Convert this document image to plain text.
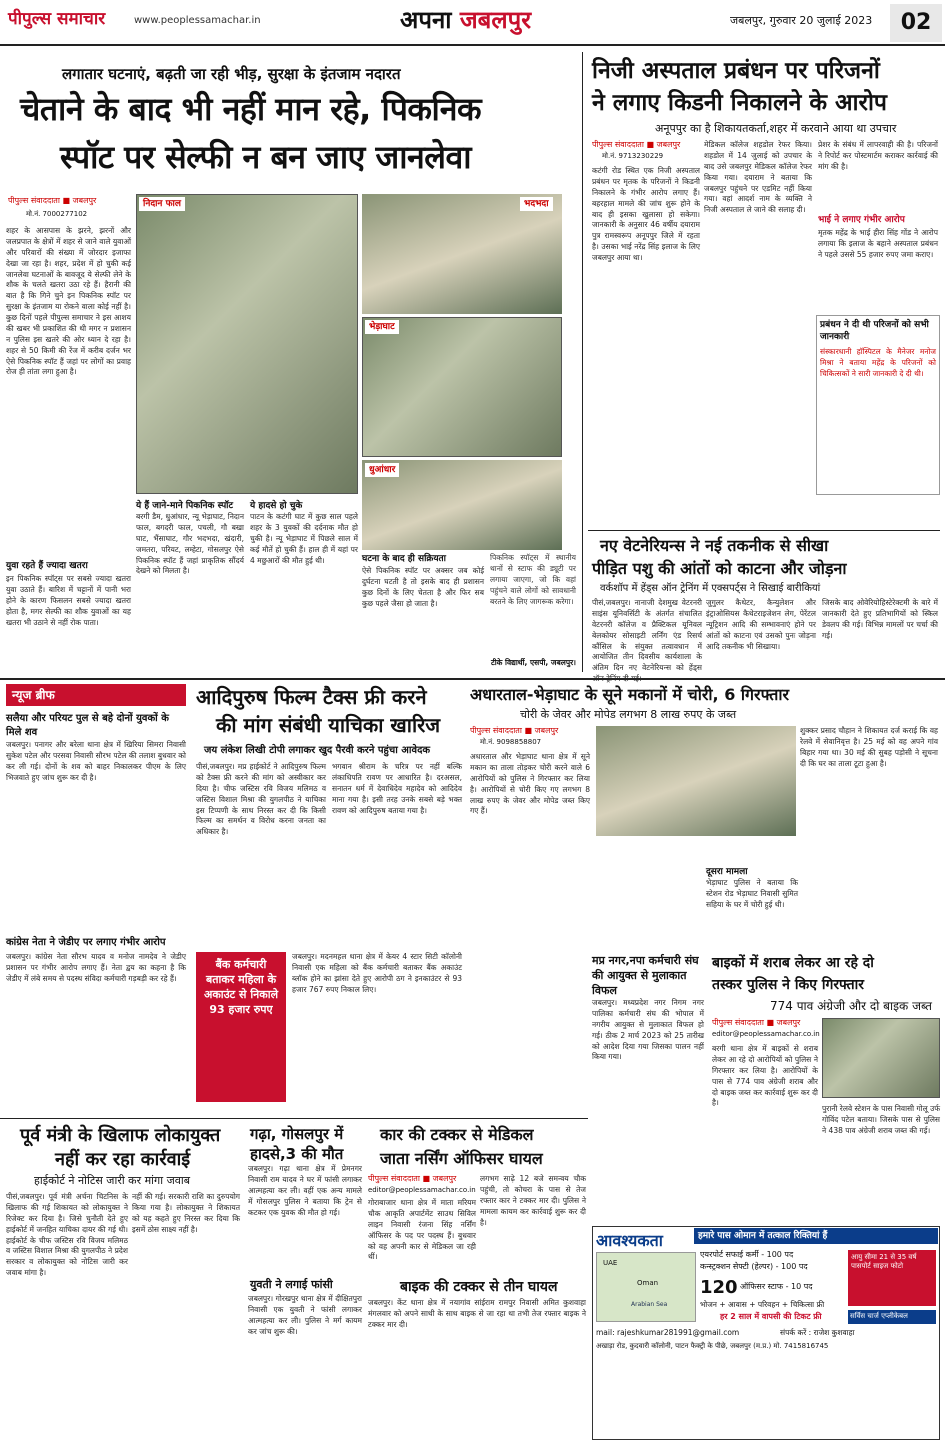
पीपुल्स समाचार	www.peoplessamachar.in	अपना जबलपुर	जबलपुर, गुरुवार 20 जुलाई 2023	02
लगातार घटनाएं, बढ़ती जा रही भीड़, सुरक्षा के इंतजाम नदारत
चेताने के बाद भी नहीं मान रहे, पिकनिक
स्पॉट पर सेल्फी न बन जाए जानलेवा
पीपुल्स संवाददाता ■ जबलपुर
मो.नं. 7000277102
शहर के आसपास के झरने, झरनों और जलप्रपात के क्षेत्रों में शहर से जाने वाले युवाओं और परिवारों की संख्या में जोरदार इजाफा देखा जा रहा है। शहर, प्रदेश में हो चुकी कई जानलेवा घटनाओं के बावजूद ये सेल्फी लेने के शौक के चलते खतरा उठा रहे हैं। हैरानी की बात है कि गिने चुने इन पिकनिक स्पॉट पर सुरक्षा के इंतजाम या रोकने वाला कोई नहीं है। कुछ दिनों पहले पीपुल्स समाचार ने इस आशय की खबर भी प्रकाशित की थी मगर न प्रशासन न पुलिस इस खतरे की ओर ध्यान दे रहा है। शहर से 50 किमी की रेंज में करीब दर्जन भर ऐसे पिकनिक स्पॉट हैं जहां पर लोगों का प्रवाह रोज ही तांता लगा हुआ है।
युवा रहते हैं ज्यादा खतरा
इन पिकनिक स्पॉट्स पर सबसे ज्यादा खतरा युवा उठाते हैं। बारिश में चट्टानों में पानी भरा होने के कारण फिसलन सबसे ज्यादा खतरा होता है, मगर सेल्फी का शौक युवाओं का यह खतरा भी उठाने से नहीं रोक पाता।
निदान फाल	भदभदा
भेड़ाघाट
धुआंधार
ये हैं जाने-माने पिकनिक स्पॉट
बरगी डैम, धुआंधार, न्यू भेड़ाघाट, निदान फाल, बगदरी फाल, पचली, गौ बखा घाट, भैंसाघाट, गौर भदभदा, खंदारी, जमतरा, परियट, लम्हेटा, गोसलपुर ऐसे पिकनिक स्पॉट हैं जहां प्राकृतिक सौंदर्य देखने को मिलता है।
ये हादसे हो चुके
पाटन के कटंगी घाट में कुछ साल पहले शहर के 3 युवकों की दर्दनाक मौत हो चुकी है। न्यू भेड़ाघाट में पिछले साल में कई मौतें हो चुकी हैं। हाल ही में यहां पर 4 मछुआरों की मौत हुई थी।	घटना के बाद ही सक्रियता
ऐसे पिकनिक स्पॉट पर अक्सर जब कोई दुर्घटना घटती है तो इसके बाद ही प्रशासन कुछ दिनों के लिए चेतता है और फिर सब कुछ पहले जैसा हो जाता है।
पिकनिक स्पॉट्स में स्थानीय थानों से स्टाफ की ड्यूटी पर लगाया जाएगा, जो कि वहां पहुंचने वाले लोगों को सावधानी बरतने के लिए जागरूक करेगा।
टीके विद्यार्थी, एसपी, जबलपुर।
निजी अस्पताल प्रबंधन पर परिजनों
ने लगाए किडनी निकालने के आरोप
अनूपपुर का है शिकायतकर्ता,शहर में करवाने आया था उपचार
पीपुल्स संवाददाता ■ जबलपुर
मो.नं. 9713230229
कटंगी रोड स्थित एक निजी अस्पताल प्रबंधन पर मृतक के परिजनों ने किडनी निकालने के गंभीर आरोप लगाए हैं। बहरहाल मामले की जांच शुरू होने के बाद ही इसका खुलासा हो सकेगा। जानकारी के अनुसार 46 वर्षीय दयाराम पुत्र रामस्वरूप अनूपपुर जिले में रहता है। उसका भाई नरेंद्र सिंह इलाज के लिए जबलपुर आया था।
मेडिकल कॉलेज शहडोल रेफर किया। शहडोल में 14 जुलाई को उपचार के बाद उसे जबलपुर मेडिकल कॉलेज रेफर किया गया। दयाराम ने बताया कि जबलपुर पहुंचने पर एडमिट नहीं किया गया। वहां आदर्श नाम के व्यक्ति ने निजी अस्पताल ले जाने की सलाह दी।
प्रेशर के संबंध में लापरवाही की है। परिजनों ने रिपोर्ट कर पोस्टमार्टम कराकर कार्रवाई की मांग की है।
भाई ने लगाए गंभीर आरोप
मृतक महेंद्र के भाई हीरा सिंह गोंड ने आरोप लगाया कि इलाज के बहाने अस्पताल प्रबंधन ने पहले उससे 55 हजार रुपए जमा कराए।
प्रबंधन ने दी थी परिजनों को सभी जानकारी
संस्कारधानी हॉस्पिटल के मैनेजर मनोज मिश्रा ने बताया महेंद्र के परिजनों को चिकित्सकों ने सारी जानकारी दे दी थी।
नए वेटनेरियन्स ने नई तकनीक से सीखा
पीड़ित पशु की आंतों को काटना और जोड़ना
वर्कशॉप में हेंड्स ऑन ट्रेनिंग में एक्सपर्ट्स ने सिखाई बारीकियां
पीसं,जबलपुर। नानाजी देशमुख वेटरनरी साइंस यूनिवर्सिटी के अंतर्गत संचालित वेटरनरी कॉलेज व प्रैक्टिकल यूनिवल बेलकोयर सोसाइटी लर्निंग एंड रिसर्च कौंसिल के संयुक्त तत्वावधान में आयोजित तीन दिवसीय कार्यशाला के अंतिम दिन नए वेटनेरियन्स को हेंड्स
जुगुलर कैथेटर, कैन्युलेशन और इंट्राओसियस कैथेटराइजेशन लेग, पेरेंटल न्यूट्रिशन आदि की सम्भावनाएं होने पर आंतों को काटना एवं उसको पुनः जोड़ना आदि तकनीक भी सिखाया।
जिसके बाद ओवेरियोहिस्टेरेक्टमी के बारे में जानकारी देते हुए प्रतिभागियों को स्किल डेवलप की गई। विभिन्न मामलों पर चर्चा की गई।
न्यूज ब्रीफ
सलैया और परियट पुल से बहे दोनों युवकों के मिले शव
जबलपुर। पनागर और बरेला थाना क्षेत्र में खिरिया सिमरा निवासी सुकेश पटेल और परसवा निवासी सौरभ पटेल की तलाश बुधवार को कर ली गई। दोनों के शव को बाहर निकालकर पीएम के लिए भिजवाते हुए जांच शुरू कर दी है।
कांग्रेस नेता ने जेडीए पर लगाए गंभीर आरोप
जबलपुर। कांग्रेस नेता सौरभ यादव व मनोज नामदेव ने जेडीए प्रशासन पर गंभीर आरोप लगाए हैं। नेता द्वय का कहना है कि जेडीए में लंबे समय से पदस्थ संविदा कर्मचारी गड़बड़ी कर रहे हैं।
आदिपुरुष फिल्म टैक्स फ्री करने
की मांग संबंधी याचिका खारिज
जय लंकेश लिखी टोपी लगाकर खुद पैरवी करने पहुंचा आवेदक
पीसं,जबलपुर। मप्र हाईकोर्ट ने आदिपुरुष फिल्म को टैक्स फ्री करने की मांग को अस्वीकार कर दिया है। चीफ जस्टिस रवि विजय मलिमठ व जस्टिस विशाल मिश्रा की युगलपीठ ने याचिका इस टिप्पणी के साथ निरस्त कर दी कि किसी फिल्म का समर्थन व विरोध करना जनता का अधिकार है।
भगवान श्रीराम के चरित्र पर नहीं बल्कि लंकाधिपति रावण पर आधारित है। दरअसल, सनातन धर्म में देवाधिदेव महादेव को आदिदेव माना गया है। इसी तरह उनके सबसे बड़े भक्त रावण को आदिपुरुष बताया गया है।
बैंक कर्मचारी बताकर महिला के अकाउंट से निकाले 93 हजार रुपए
जबलपुर। मदनमहल थाना क्षेत्र में केयर 4 स्टार सिटी कॉलोनी निवासी एक महिला को बैंक कर्मचारी बताकर बैंक अकाउंट ब्लॉक होने का झांसा देते हुए आरोपी ठग ने इनकाउंटर से 93 हजार 767 रुपए निकाल लिए।
अधारताल-भेड़ाघाट के सूने मकानों में चोरी, 6 गिरफ्तार
चोरी के जेवर और मोपेड लगभग 8 लाख रुपए के जब्त
पीपुल्स संवाददाता ■ जबलपुर
मो.नं. 9098858807
अधारताल और भेड़ाघाट थाना क्षेत्र में सूने मकान का ताला तोड़कर चोरी करने वाले 6 आरोपियों को पुलिस ने गिरफ्तार कर लिया है। आरोपियों से चोरी किए गए लगभग 8 लाख रुपए के जेवर और मोपेड जब्त किए गए हैं।
शुक्कर प्रसाद चौहान ने शिकायत दर्ज कराई कि वह रेलवे में सेवानिवृत्त है। 25 मई को वह अपने गांव बिहार गया था। 30 मई की सुबह पड़ोसी ने सूचना दी कि घर का ताला टूटा हुआ है।
दूसरा मामला
भेड़ाघाट पुलिस ने बताया कि स्टेशन रोड भेड़ाघाट निवासी सुमित सहिया के घर में चोरी हुई थी।
मप्र नगर,नपा कर्मचारी संघ की आयुक्त से मुलाकात विफल
जबलपुर। मध्यप्रदेश नगर निगम नगर पालिका कर्मचारी संघ की भोपाल में नगरीय आयुक्त से मुलाकात विफल हो गई। ठीक 2 मार्च 2023 को 25 तारीख को आदेश दिया गया जिसका पालन नहीं किया गया।
बाइकों में शराब लेकर आ रहे दो
तस्कर पुलिस ने किए गिरफ्तार
774 पाव अंग्रेजी और दो बाइक जब्त
पीपुल्स संवाददाता ■ जबलपुर
editor@peoplessamachar.co.in
बरगी थाना क्षेत्र में बाइकों से शराब लेकर आ रहे दो आरोपियों को पुलिस ने गिरफ्तार कर लिया है। आरोपियों के पास से 774 पाव अंग्रेजी शराब और दो बाइक जब्त कर कार्रवाई शुरू कर दी है।
पुरानी रेलवे स्टेशन के पास निवासी गोलू उर्फ गोविंद पटेल बताया। जिसके पास से पुलिस ने 438 पाव अंग्रेजी शराब जब्त की गई।
पूर्व मंत्री के खिलाफ लोकायुक्त
नहीं कर रहा कार्रवाई
हाईकोर्ट ने नोटिस जारी कर मांगा जवाब
पीसं,जबलपुर। पूर्व मंत्री अर्चना चिटनिस के खिलाफ की गई शिकायत को लोकायुक्त ने रिजेक्ट कर दिया है। जिसे चुनौती देते हुए हाईकोर्ट में जनहित याचिका दायर की गई थी। हाईकोर्ट के चीफ जस्टिस रवि विजय मलिमठ व जस्टिस विशाल मिश्रा की युगलपीठ ने प्रदेश सरकार व लोकायुक्त को नोटिस जारी कर जवाब मांगा है।
नहीं की गई। सरकारी राशि का दुरुपयोग किया गया है। लोकायुक्त ने शिकायत को यह कहते हुए निरस्त कर दिया कि इसमें ठोस साक्ष्य नहीं है।
गढ़ा, गोसलपुर में
हादसे,3 की मौत
जबलपुर। गढ़ा थाना क्षेत्र में प्रेमनगर निवासी राम यादव ने घर में फांसी लगाकर आत्महत्या कर ली। वहीं एक अन्य मामले में गोसलपुर पुलिस ने बताया कि ट्रेन से कटकर एक युवक की मौत हो गई।
युवती ने लगाई फांसी
जबलपुर। गोरखपुर थाना क्षेत्र में दीक्षितपुरा निवासी एक युवती ने फांसी लगाकर आत्महत्या कर ली। पुलिस ने मर्ग कायम कर जांच शुरू की।
कार की टक्कर से मेडिकल
जाता नर्सिंग ऑफिसर घायल
पीपुल्स संवाददाता ■ जबलपुर
editor@peoplessamachar.co.in
गोराबाजार थाना क्षेत्र में माता मरियम चौक आकृति अपार्टमेंट साउथ सिविल लाइन निवासी रंजना सिंह नर्सिंग ऑफिसर के पद पर पदस्थ हैं। बुधवार को वह अपनी कार से मेडिकल जा रही थीं।
लगभग साढ़े 12 बजे समन्वय चौक पहुंची, तो कोचरा के पास से तेज रफ्तार कार ने टक्कर मार दी। पुलिस ने मामला कायम कर कार्रवाई शुरू कर दी है।
बाइक की टक्कर से तीन घायल
जबलपुर। केंट थाना क्षेत्र में नयागांव सांईराम रामपुर निवासी अमित कुशवाहा मंगलवार को अपने साथी के साथ बाइक से जा रहा था तभी तेज रफ्तार बाइक ने टक्कर मार दी।
आवश्यकता	हमारे पास ओमान में तत्काल रिक्तियां हैं
UAE
Oman
Arabian Sea
एयरपोर्ट सफाई कर्मी - 100 पद
कन्स्ट्रक्शन सेफ्टी (हेल्पर) - 100 पद
120 ऑफिसर स्टाफ - 10 पद
भोजन + आवास + परिवहन + चिकित्सा फ्री
हर 2 साल में वापसी की टिकट फ्री
आयु सीमा 21 से 35 वर्ष
पासपोर्ट साइज फोटो
सर्विस चार्ज एप्लीकेबल
mail: rajeshkumar281991@gmail.com	संपर्क करें : राजेश कुशवाहा
अखाड़ा रोड, कुदवारी कॉलोनी, पाटन फैक्ट्री के पीछे, जबलपुर (म.प्र.) मो. 7415816745
